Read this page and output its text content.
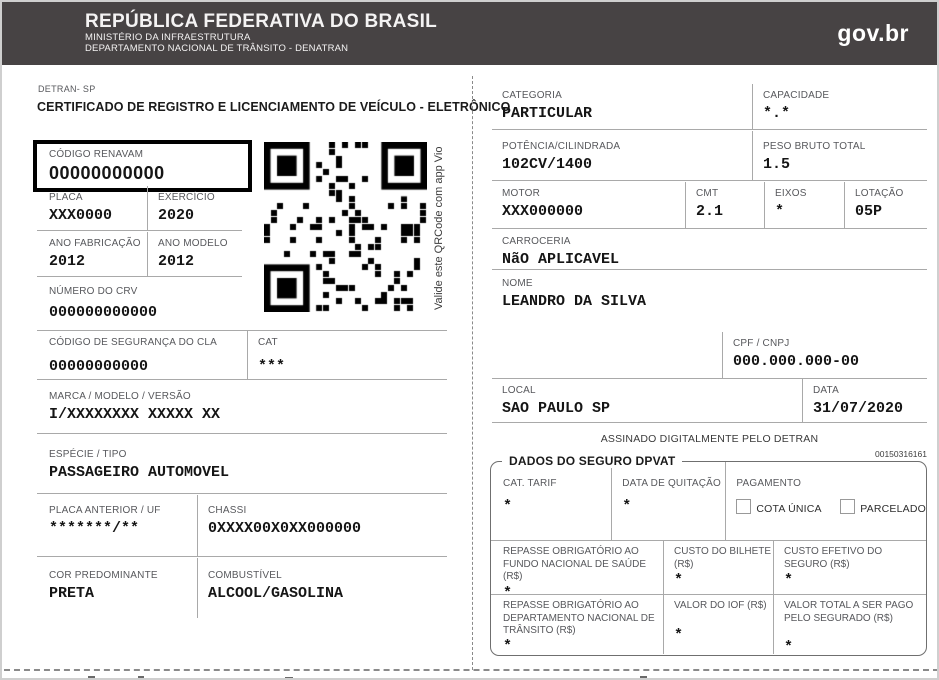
REPÚBLICA FEDERATIVA DO BRASIL
MINISTÉRIO DA INFRAESTRUTURA
DEPARTAMENTO NACIONAL DE TRÂNSITO - DENATRAN
gov.br
DETRAN- SP
CERTIFICADO DE REGISTRO E LICENCIAMENTO DE VEÍCULO - ELETRÔNICO
CÓDIGO RENAVAM
00000000000
PLACA
XXX0000
EXERCÍCIO
2020
ANO FABRICAÇÃO
2012
ANO MODELO
2012
NÚMERO DO CRV
000000000000
Valide este QRCode com app Vio
CÓDIGO DE SEGURANÇA DO CLA
00000000000
CAT
***
MARCA / MODELO / VERSÃO
I/XXXXXXXX XXXXX XX
ESPÉCIE / TIPO
PASSAGEIRO AUTOMOVEL
PLACA ANTERIOR / UF
*******/**
CHASSI
0XXXX00X0XX000000
COR PREDOMINANTE
PRETA
COMBUSTÍVEL
ALCOOL/GASOLINA
CATEGORIA
PARTICULAR
CAPACIDADE
*.*
POTÊNCIA/CILINDRADA
102CV/1400
PESO BRUTO TOTAL
1.5
MOTOR
XXX000000
CMT
2.1
EIXOS
*
LOTAÇÃO
05P
CARROCERIA
NãO APLICAVEL
NOME
LEANDRO DA SILVA
CPF / CNPJ
000.000.000-00
LOCAL
SAO PAULO SP
DATA
31/07/2020
ASSINADO DIGITALMENTE PELO DETRAN
00150316161
DADOS DO SEGURO DPVAT
CAT. TARIF
*
DATA DE QUITAÇÃO
*
PAGAMENTO
COTA ÚNICA	PARCELADO
REPASSE OBRIGATÓRIO AO FUNDO NACIONAL DE SAÚDE (R$)
*
CUSTO DO BILHETE (R$)
*
CUSTO EFETIVO DO SEGURO (R$)
*
REPASSE OBRIGATÓRIO AO DEPARTAMENTO NACIONAL DE TRÂNSITO (R$)
*
VALOR DO IOF (R$)
*
VALOR TOTAL A SER PAGO PELO SEGURADO (R$)
*
